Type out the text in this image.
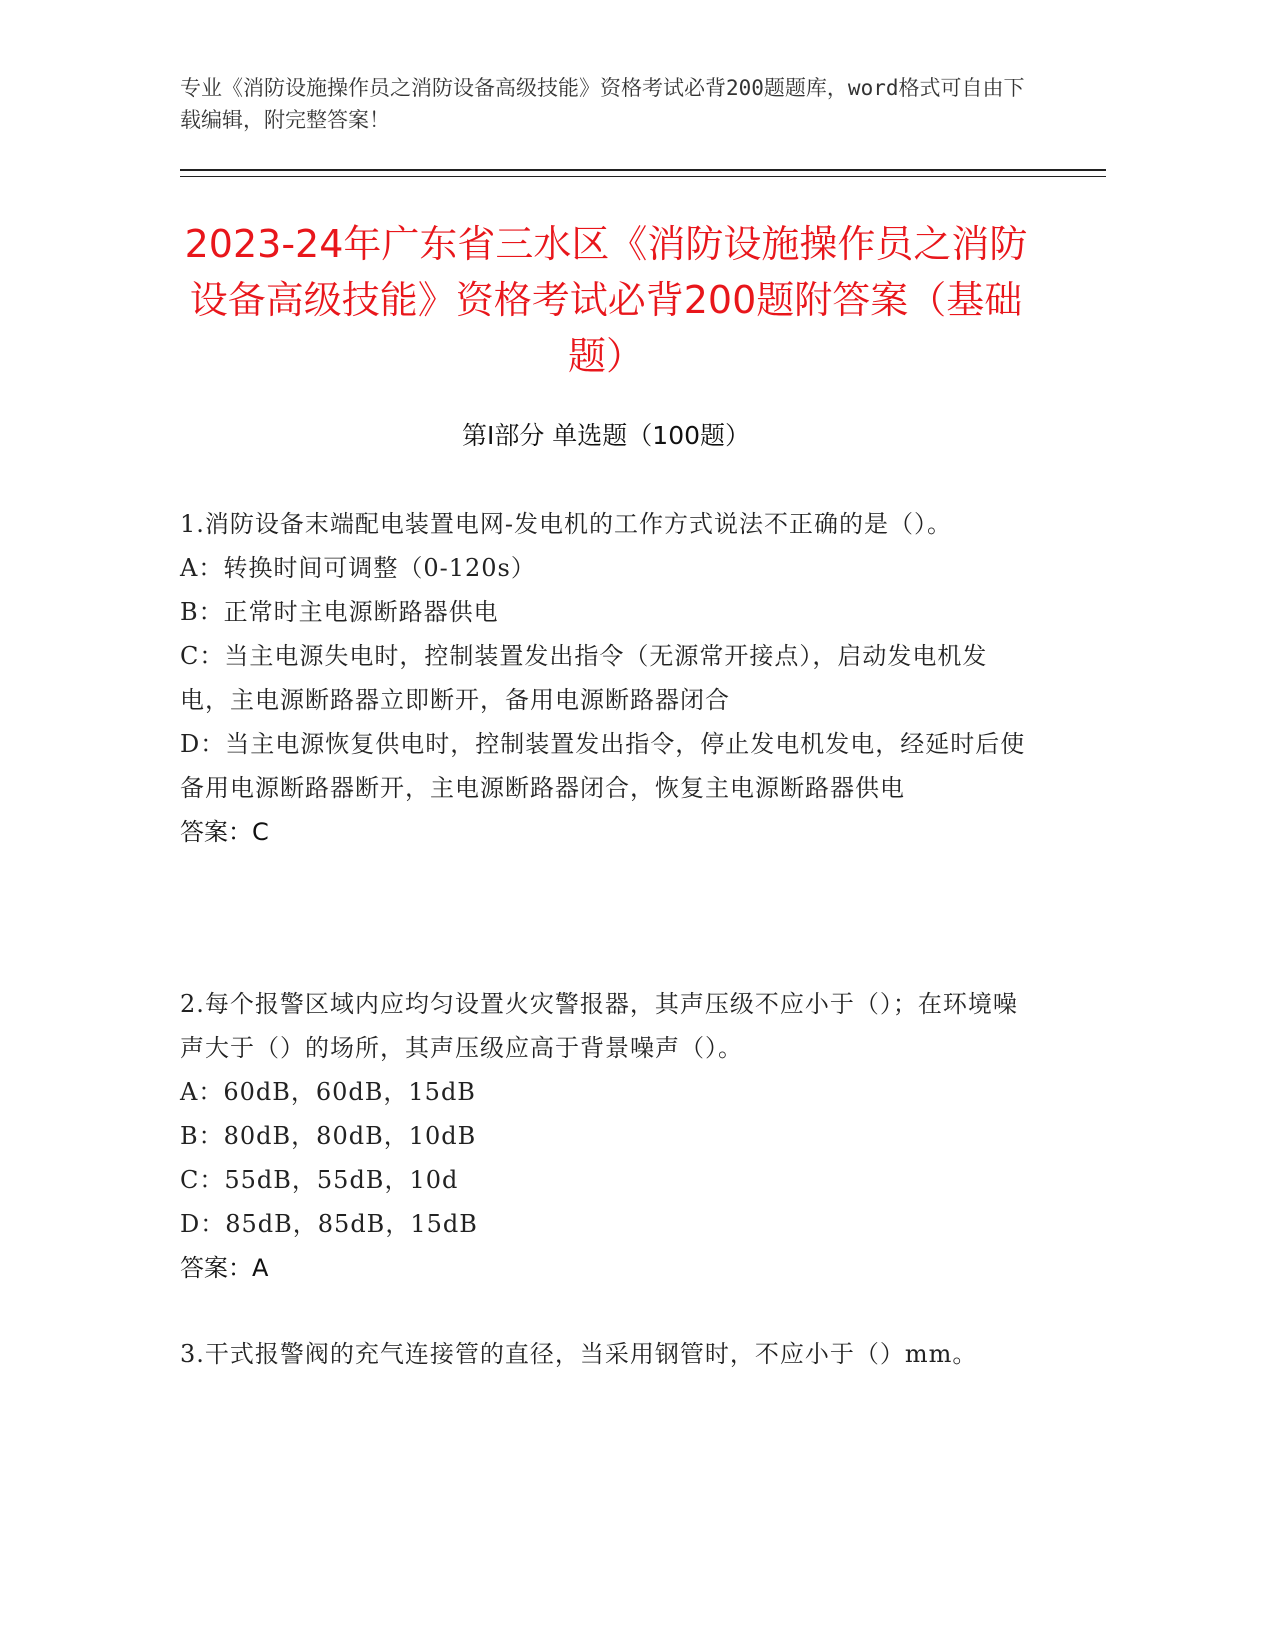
专业《消防设施操作员之消防设备高级技能》资格考试必背200题题库，word格式可自由下载编辑，附完整答案！
2023-24年广东省三水区《消防设施操作员之消防设备高级技能》资格考试必背200题附答案（基础题）
第I部分 单选题（100题）

1.消防设备末端配电装置电网-发电机的工作方式说法不正确的是（）。

A：转换时间可调整（0-120s）

B：正常时主电源断路器供电

C：当主电源失电时，控制装置发出指令（无源常开接点），启动发电机发电，主电源断路器立即断开，备用电源断路器闭合

D：当主电源恢复供电时，控制装置发出指令，停止发电机发电，经延时后使备用电源断路器断开，主电源断路器闭合，恢复主电源断路器供电

答案：C

2.每个报警区域内应均匀设置火灾警报器，其声压级不应小于（）；在环境噪声大于（）的场所，其声压级应高于背景噪声（）。

A：60dB，60dB，15dB

B：80dB，80dB，10dB

C：55dB，55dB，10d

D：85dB，85dB，15dB

答案：A

3.干式报警阀的充气连接管的直径，当采用钢管时，不应小于（）mm。
